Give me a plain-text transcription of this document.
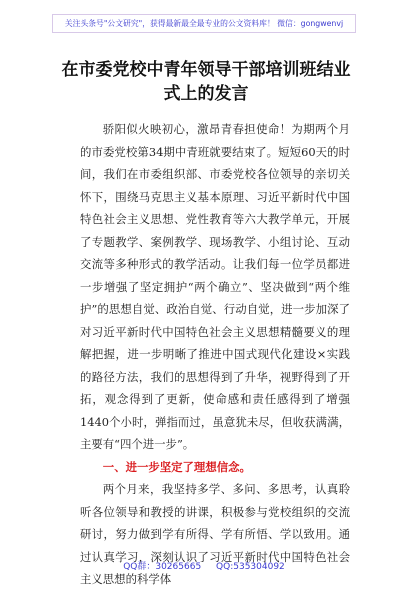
关注头条号"公文研究"，获得最新最全最专业的公文资料库！ 微信：gongwenvj
在市委党校中青年领导干部培训班结业式上的发言

骄阳似火映初心，激昂青春担使命！为期两个月的市委党校第34期中青班就要结束了。短短60天的时间，我们在市委组织部、市委党校各位领导的亲切关怀下，围绕马克思主义基本原理、习近平新时代中国特色社会主义思想、党性教育等六大教学单元，开展了专题教学、案例教学、现场教学、小组讨论、互动交流等多种形式的教学活动。让我们每一位学员都进一步增强了坚定拥护“两个确立”、坚决做到“两个维护”的思想自觉、政治自觉、行动自觉，进一步加深了对习近平新时代中国特色社会主义思想精髓要义的理解把握，进一步明晰了推进中国式现代化建设×实践的路径方法，我们的思想得到了升华，视野得到了开拓，观念得到了更新，使命感和责任感得到了增强1440个小时，弹指而过，虽意犹未尽，但收获满满，主要有“四个进一步”。

一、进一步坚定了理想信念。

两个月来，我坚持多学、多问、多思考，认真聆听各位领导和教授的讲课，积极参与党校组织的交流研讨，努力做到学有所得、学有所悟、学以致用。通过认真学习，深刻认识了习近平新时代中国特色社会主义思想的科学体

QQ群：30265665 QQ:535304092
